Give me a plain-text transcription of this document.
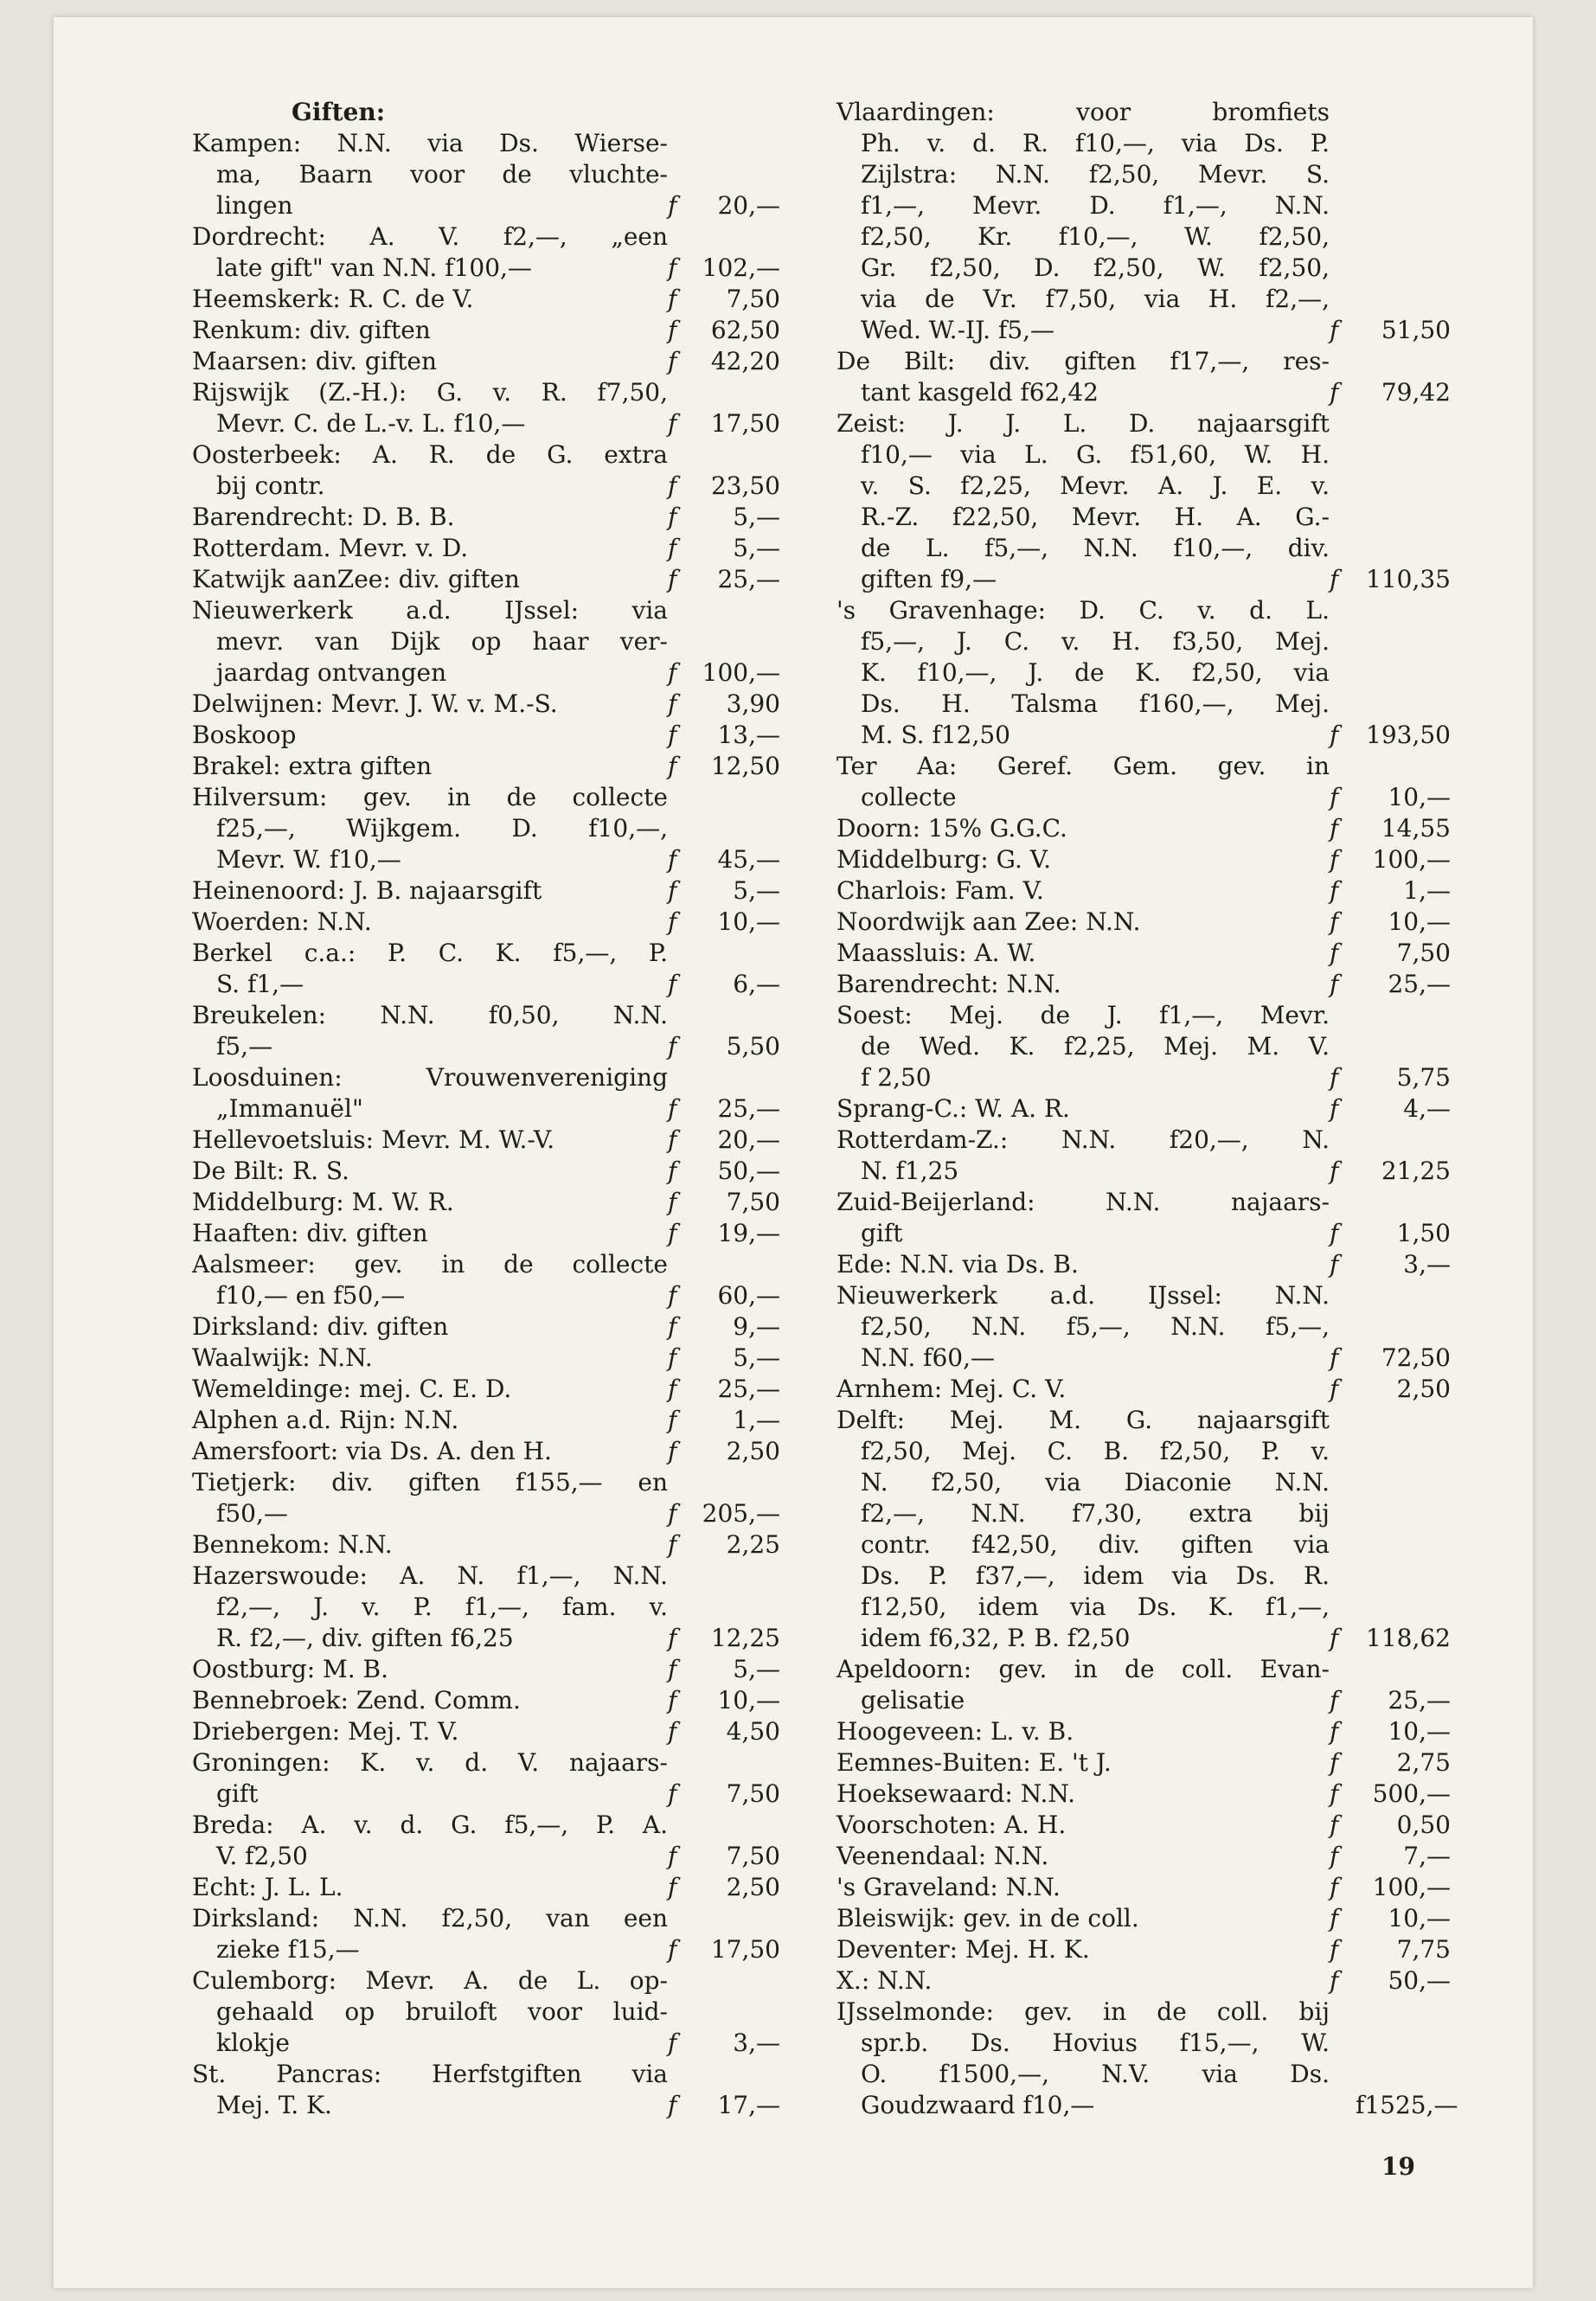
Giften:
Kampen: N.N. via Ds. Wierse-
ma, Baarn voor de vluchte-
lingen	f	20,—
Dordrecht: A. V. f2,—, „een
late gift" van N.N. f100,—	f	102,—
Heemskerk: R. C. de V.	f	7,50
Renkum: div. giften	f	62,50
Maarsen: div. giften	f	42,20
Rijswijk (Z.-H.): G. v. R. f7,50,
Mevr. C. de L.-v. L. f10,—	f	17,50
Oosterbeek: A. R. de G. extra
bij contr.	f	23,50
Barendrecht: D. B. B.	f	5,—
Rotterdam. Mevr. v. D.	f	5,—
Katwijk aanZee: div. giften	f	25,—
Nieuwerkerk a.d. IJssel: via
mevr. van Dijk op haar ver-
jaardag ontvangen	f	100,—
Delwijnen: Mevr. J. W. v. M.-S.	f	3,90
Boskoop	f	13,—
Brakel: extra giften	f	12,50
Hilversum: gev. in de collecte
f25,—, Wijkgem. D. f10,—,
Mevr. W. f10,—	f	45,—
Heinenoord: J. B. najaarsgift	f	5,—
Woerden: N.N.	f	10,—
Berkel c.a.: P. C. K. f5,—, P.
S. f1,—	f	6,—
Breukelen: N.N. f0,50, N.N.
f5,—	f	5,50
Loosduinen: Vrouwenvereniging
„Immanuël"	f	25,—
Hellevoetsluis: Mevr. M. W.-V.	f	20,—
De Bilt: R. S.	f	50,—
Middelburg: M. W. R.	f	7,50
Haaften: div. giften	f	19,—
Aalsmeer: gev. in de collecte
f10,— en f50,—	f	60,—
Dirksland: div. giften	f	9,—
Waalwijk: N.N.	f	5,—
Wemeldinge: mej. C. E. D.	f	25,—
Alphen a.d. Rijn: N.N.	f	1,—
Amersfoort: via Ds. A. den H.	f	2,50
Tietjerk: div. giften f155,— en
f50,—	f	205,—
Bennekom: N.N.	f	2,25
Hazerswoude: A. N. f1,—, N.N.
f2,—, J. v. P. f1,—, fam. v.
R. f2,—, div. giften f6,25	f	12,25
Oostburg: M. B.	f	5,—
Bennebroek: Zend. Comm.	f	10,—
Driebergen: Mej. T. V.	f	4,50
Groningen: K. v. d. V. najaars-
gift	f	7,50
Breda: A. v. d. G. f5,—, P. A.
V. f2,50	f	7,50
Echt: J. L. L.	f	2,50
Dirksland: N.N. f2,50, van een
zieke f15,—	f	17,50
Culemborg: Mevr. A. de L. op-
gehaald op bruiloft voor luid-
klokje	f	3,—
St. Pancras: Herfstgiften via
Mej. T. K.	f	17,—
Vlaardingen: voor bromfiets
Ph. v. d. R. f10,—, via Ds. P.
Zijlstra: N.N. f2,50, Mevr. S.
f1,—, Mevr. D. f1,—, N.N.
f2,50, Kr. f10,—, W. f2,50,
Gr. f2,50, D. f2,50, W. f2,50,
via de Vr. f7,50, via H. f2,—,
Wed. W.-IJ. f5,—	f	51,50
De Bilt: div. giften f17,—, res-
tant kasgeld f62,42	f	79,42
Zeist: J. J. L. D. najaarsgift
f10,— via L. G. f51,60, W. H.
v. S. f2,25, Mevr. A. J. E. v.
R.-Z. f22,50, Mevr. H. A. G.-
de L. f5,—, N.N. f10,—, div.
giften f9,—	f	110,35
's Gravenhage: D. C. v. d. L.
f5,—, J. C. v. H. f3,50, Mej.
K. f10,—, J. de K. f2,50, via
Ds. H. Talsma f160,—, Mej.
M. S. f12,50	f	193,50
Ter Aa: Geref. Gem. gev. in
collecte	f	10,—
Doorn: 15% G.G.C.	f	14,55
Middelburg: G. V.	f	100,—
Charlois: Fam. V.	f	1,—
Noordwijk aan Zee: N.N.	f	10,—
Maassluis: A. W.	f	7,50
Barendrecht: N.N.	f	25,—
Soest: Mej. de J. f1,—, Mevr.
de Wed. K. f2,25, Mej. M. V.
f 2,50	f	5,75
Sprang-C.: W. A. R.	f	4,—
Rotterdam-Z.: N.N. f20,—, N.
N. f1,25	f	21,25
Zuid-Beijerland: N.N. najaars-
gift	f	1,50
Ede: N.N. via Ds. B.	f	3,—
Nieuwerkerk a.d. IJssel: N.N.
f2,50, N.N. f5,—, N.N. f5,—,
N.N. f60,—	f	72,50
Arnhem: Mej. C. V.	f	2,50
Delft: Mej. M. G. najaarsgift
f2,50, Mej. C. B. f2,50, P. v.
N. f2,50, via Diaconie N.N.
f2,—, N.N. f7,30, extra bij
contr. f42,50, div. giften via
Ds. P. f37,—, idem via Ds. R.
f12,50, idem via Ds. K. f1,—,
idem f6,32, P. B. f2,50	f	118,62
Apeldoorn: gev. in de coll. Evan-
gelisatie	f	25,—
Hoogeveen: L. v. B.	f	10,—
Eemnes-Buiten: E. 't J.	f	2,75
Hoeksewaard: N.N.	f	500,—
Voorschoten: A. H.	f	0,50
Veenendaal: N.N.	f	7,—
's Graveland: N.N.	f	100,—
Bleiswijk: gev. in de coll.	f	10,—
Deventer: Mej. H. K.	f	7,75
X.: N.N.	f	50,—
IJsselmonde: gev. in de coll. bij
spr.b. Ds. Hovius f15,—, W.
O. f1500,—, N.V. via Ds.
Goudzwaard f10,—	f1525,—
19
